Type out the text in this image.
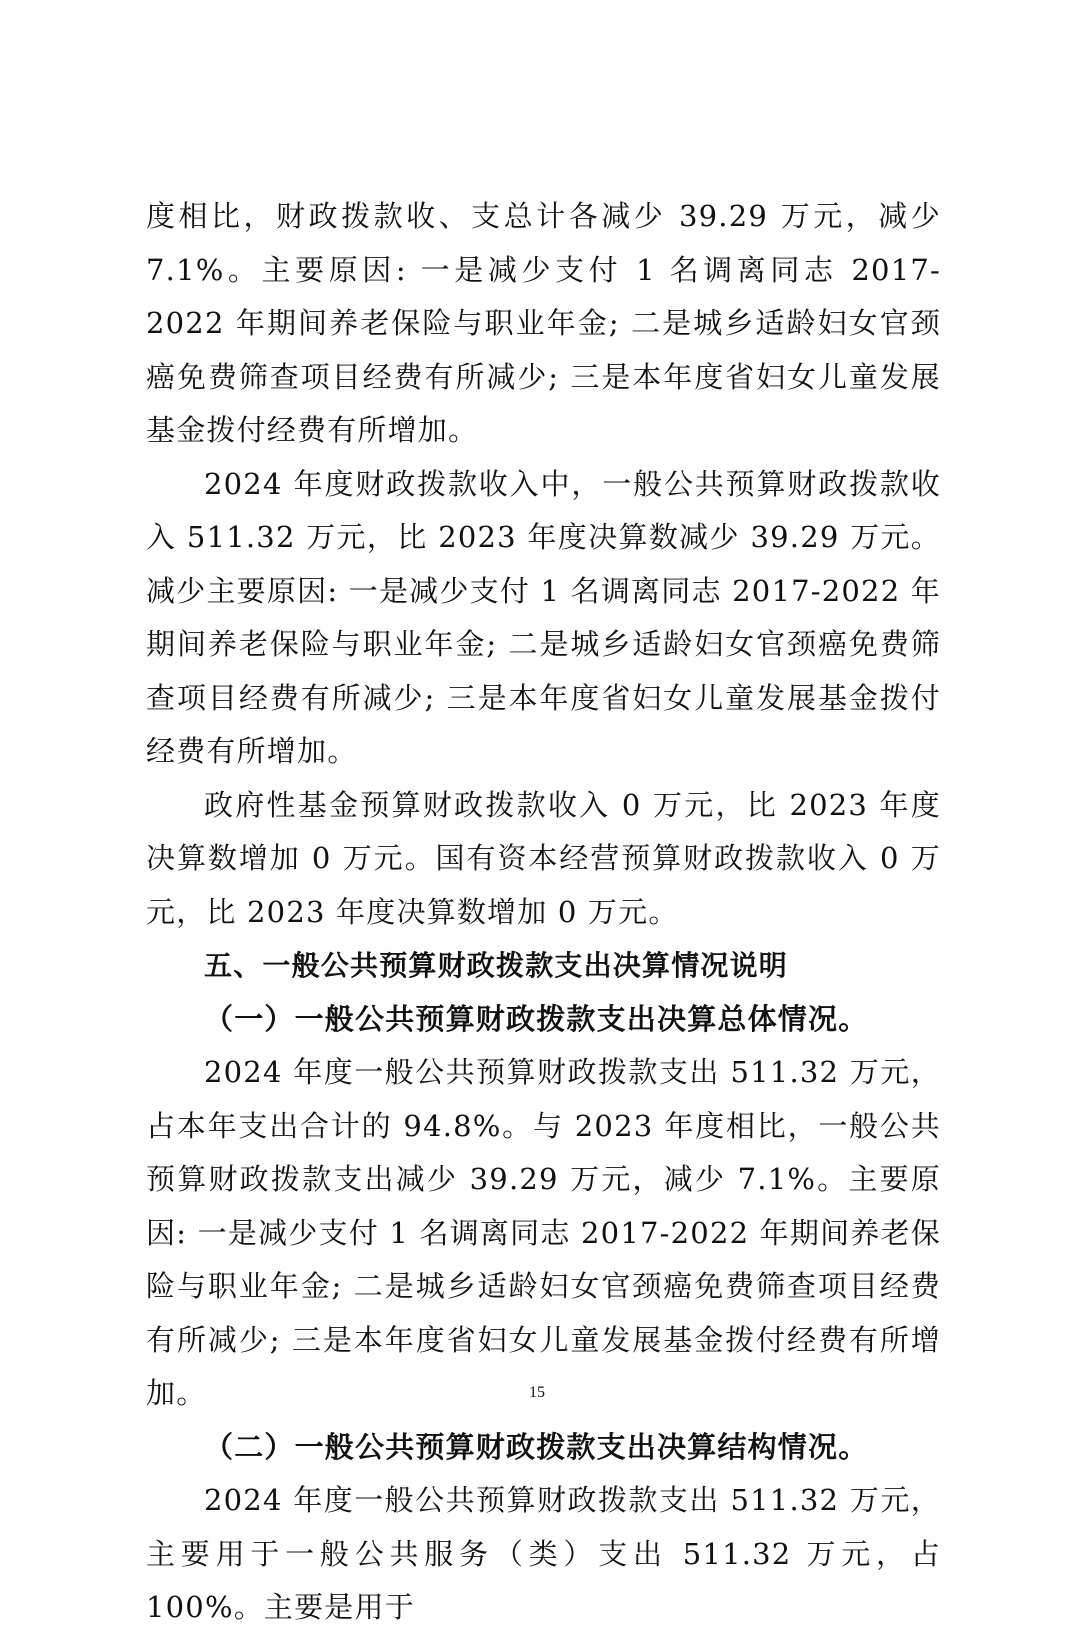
度相比，财政拨款收、支总计各减少 39.29 万元，减少 7.1%。主要原因: 一是减少支付 1 名调离同志 2017-2022 年期间养老保险与职业年金; 二是城乡适龄妇女官颈癌免费筛查项目经费有所减少; 三是本年度省妇女儿童发展基金拨付经费有所增加。

2024 年度财政拨款收入中，一般公共预算财政拨款收入 511.32 万元，比 2023 年度决算数减少 39.29 万元。减少主要原因: 一是减少支付 1 名调离同志 2017-2022 年期间养老保险与职业年金; 二是城乡适龄妇女官颈癌免费筛查项目经费有所减少; 三是本年度省妇女儿童发展基金拨付经费有所增加。

政府性基金预算财政拨款收入 0 万元，比 2023 年度决算数增加 0 万元。国有资本经营预算财政拨款收入 0 万元，比 2023 年度决算数增加 0 万元。

五、一般公共预算财政拨款支出决算情况说明

（一）一般公共预算财政拨款支出决算总体情况。

2024 年度一般公共预算财政拨款支出 511.32 万元，占本年支出合计的 94.8%。与 2023 年度相比，一般公共预算财政拨款支出减少 39.29 万元，减少 7.1%。主要原因: 一是减少支付 1 名调离同志 2017-2022 年期间养老保险与职业年金; 二是城乡适龄妇女官颈癌免费筛查项目经费有所减少; 三是本年度省妇女儿童发展基金拨付经费有所增加。

（二）一般公共预算财政拨款支出决算结构情况。

2024 年度一般公共预算财政拨款支出 511.32 万元，主要用于一般公共服务（类）支出 511.32 万元，占 100%。主要是用于

15
